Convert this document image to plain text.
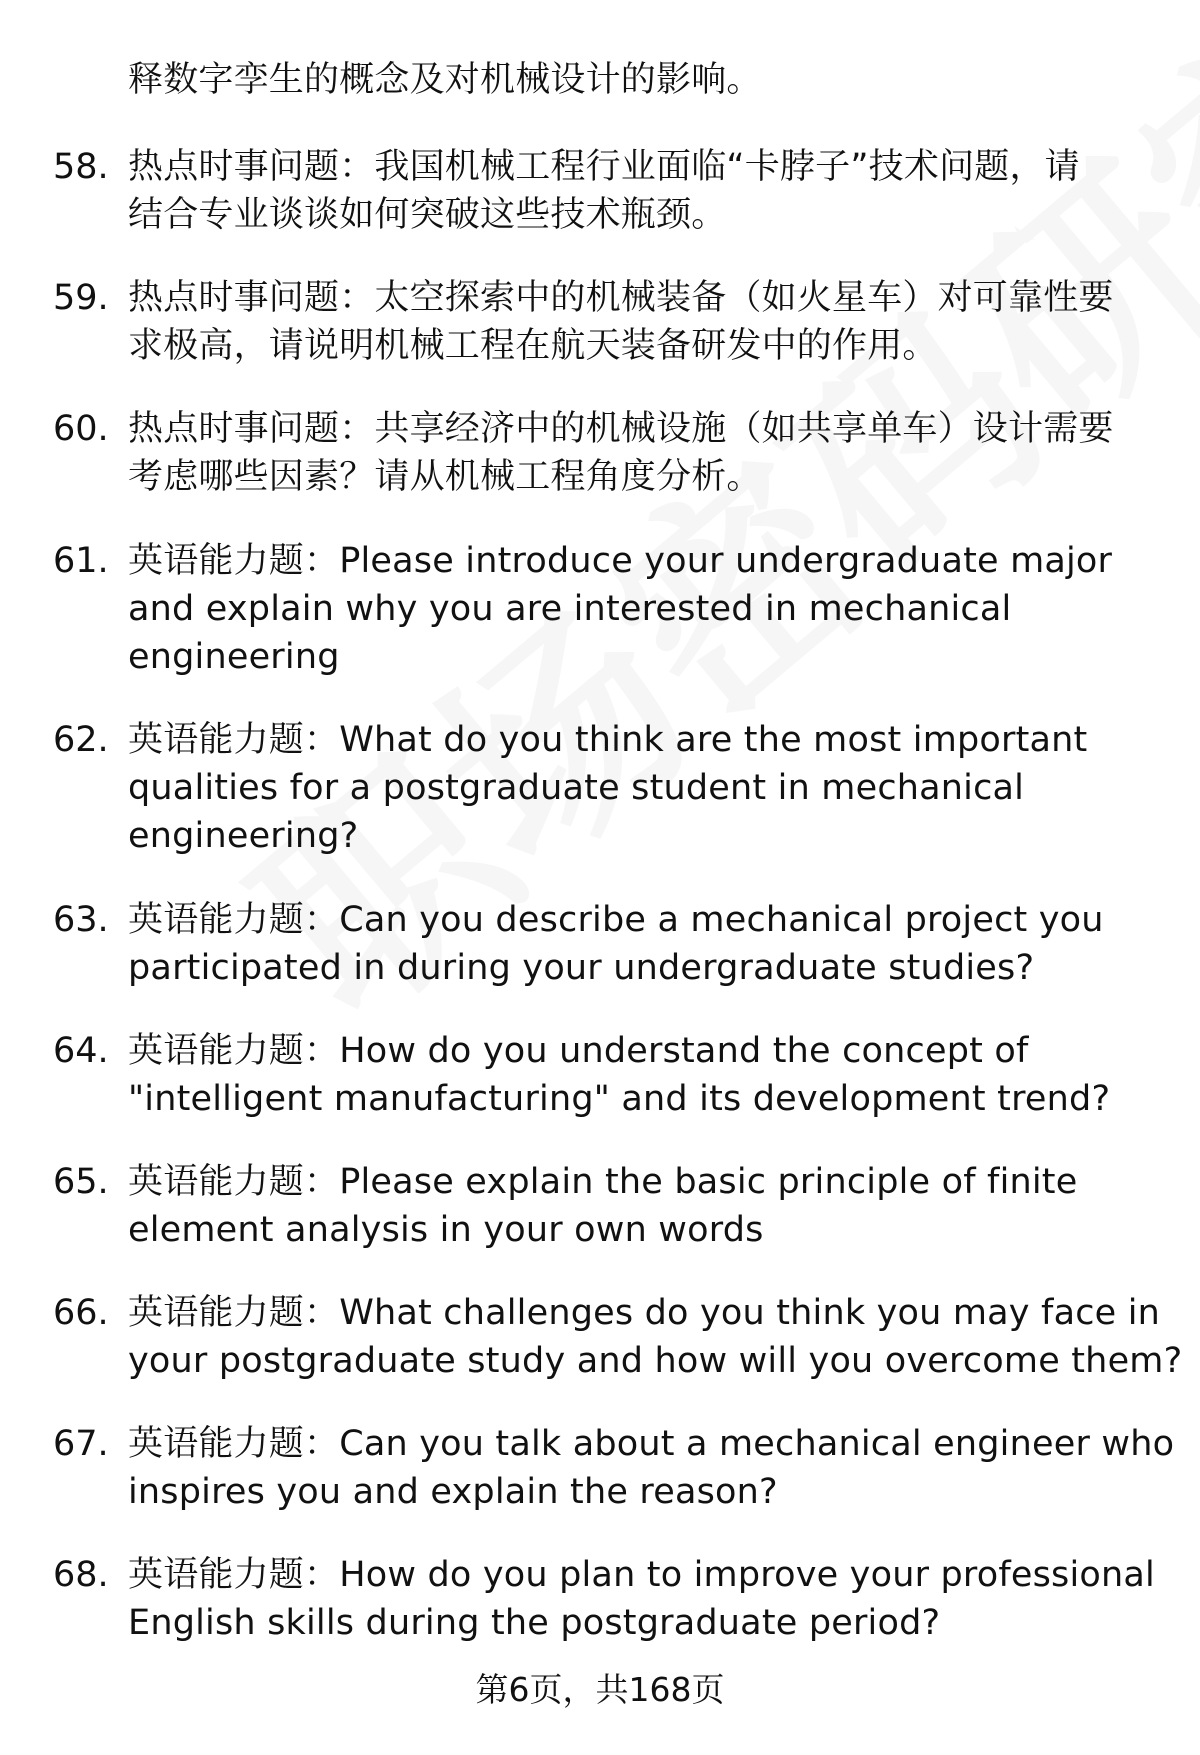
释数字孪生的概念及对机械设计的影响。
58. 热点时事问题：我国机械工程行业面临“卡脖子”技术问题，请
结合专业谈谈如何突破这些技术瓶颈。
59. 热点时事问题：太空探索中的机械装备（如火星车）对可靠性要
求极高，请说明机械工程在航天装备研发中的作用。
60. 热点时事问题：共享经济中的机械设施（如共享单车）设计需要
考虑哪些因素？请从机械工程角度分析。
61. 英语能力题：Please introduce your undergraduate major
and explain why you are interested in mechanical
engineering
62. 英语能力题：What do you think are the most important
qualities for a postgraduate student in mechanical
engineering?
63. 英语能力题：Can you describe a mechanical project you
participated in during your undergraduate studies?
64. 英语能力题：How do you understand the concept of
"intelligent manufacturing" and its development trend?
65. 英语能力题：Please explain the basic principle of finite
element analysis in your own words
66. 英语能力题：What challenges do you think you may face in
your postgraduate study and how will you overcome them?
67. 英语能力题：Can you talk about a mechanical engineer who
inspires you and explain the reason?
68. 英语能力题：How do you plan to improve your professional
English skills during the postgraduate period?
第6页，共168页
